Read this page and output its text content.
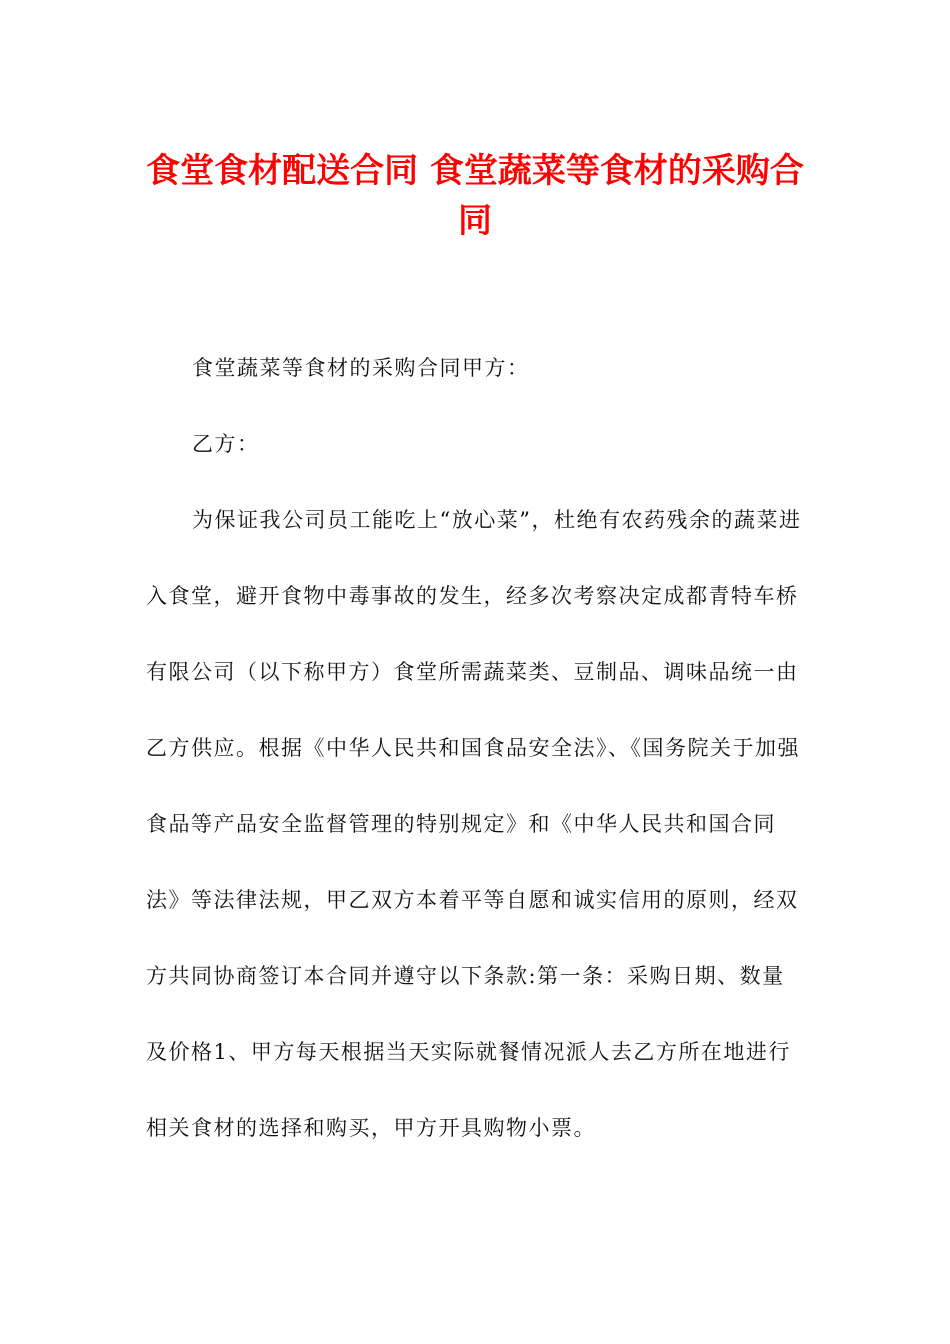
食堂食材配送合同 食堂蔬菜等食材的采购合同

食堂蔬菜等食材的采购合同甲方：

乙方：

为保证我公司员工能吃上“放心菜”，杜绝有农药残余的蔬菜进入食堂，避开食物中毒事故的发生，经多次考察决定成都青特车桥有限公司（以下称甲方）食堂所需蔬菜类、豆制品、调味品统一由乙方供应。根据《中华人民共和国食品安全法》、《国务院关于加强食品等产品安全监督管理的特别规定》和《中华人民共和国合同法》等法律法规，甲乙双方本着平等自愿和诚实信用的原则，经双方共同协商签订本合同并遵守以下条款:第一条：采购日期、数量及价格1、甲方每天根据当天实际就餐情况派人去乙方所在地进行相关食材的选择和购买，甲方开具购物小票。
